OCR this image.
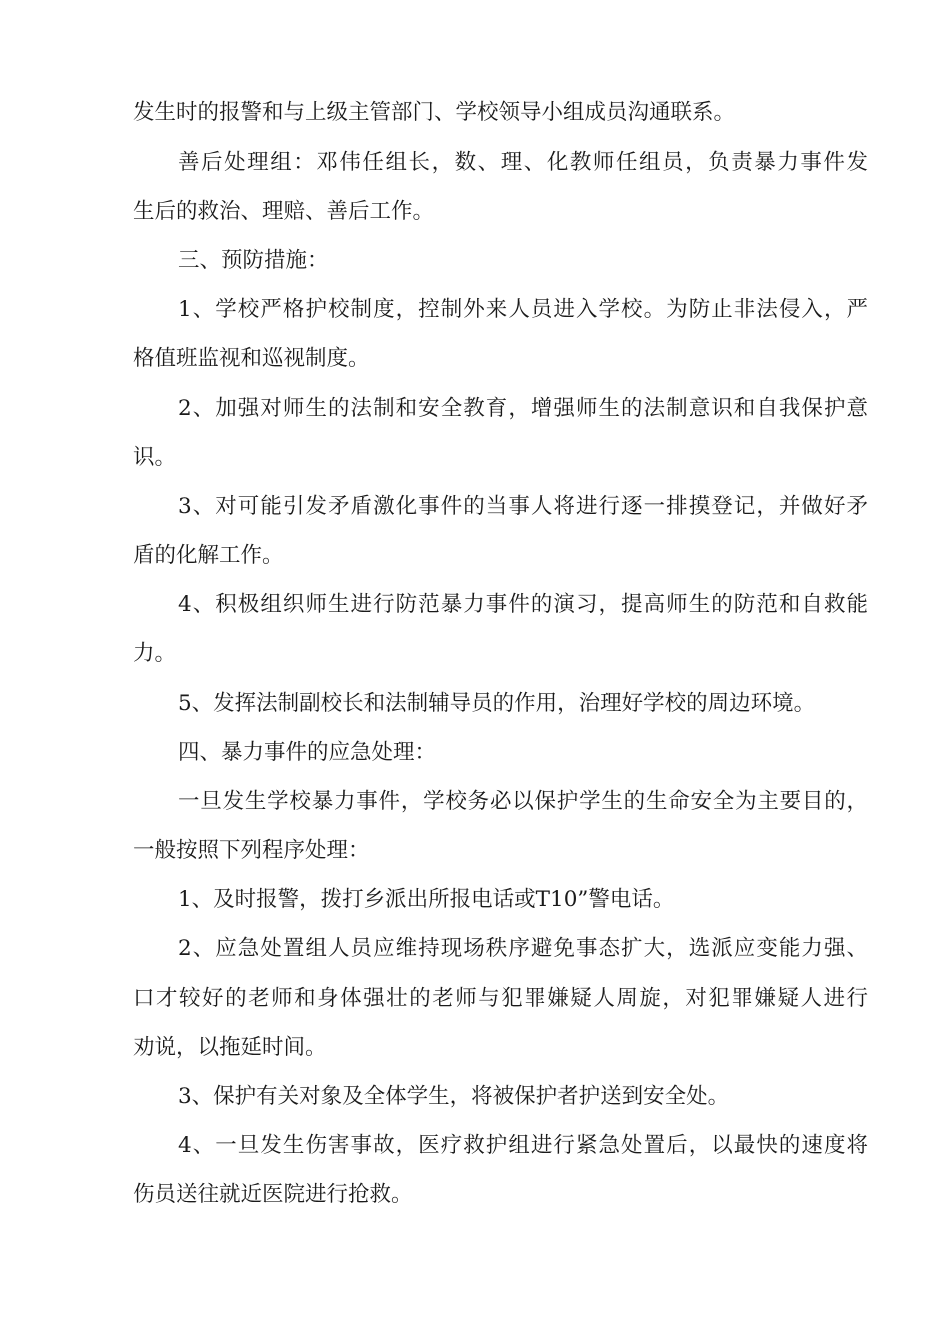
发生时的报警和与上级主管部门、学校领导小组成员沟通联系。
善后处理组：邓伟任组长，数、理、化教师任组员，负责暴力事件发
生后的救治、理赔、善后工作。
三、预防措施：
1、学校严格护校制度，控制外来人员进入学校。为防止非法侵入，严
格值班监视和巡视制度。
2、加强对师生的法制和安全教育，增强师生的法制意识和自我保护意
识。
3、对可能引发矛盾激化事件的当事人将进行逐一排摸登记，并做好矛
盾的化解工作。
4、积极组织师生进行防范暴力事件的演习，提高师生的防范和自救能
力。
5、发挥法制副校长和法制辅导员的作用，治理好学校的周边环境。
四、暴力事件的应急处理：
一旦发生学校暴力事件，学校务必以保护学生的生命安全为主要目的，
一般按照下列程序处理：
1、及时报警，拨打乡派出所报电话或T10”警电话。
2、应急处置组人员应维持现场秩序避免事态扩大，选派应变能力强、
口才较好的老师和身体强壮的老师与犯罪嫌疑人周旋，对犯罪嫌疑人进行
劝说，以拖延时间。
3、保护有关对象及全体学生，将被保护者护送到安全处。
4、一旦发生伤害事故，医疗救护组进行紧急处置后，以最快的速度将
伤员送往就近医院进行抢救。
